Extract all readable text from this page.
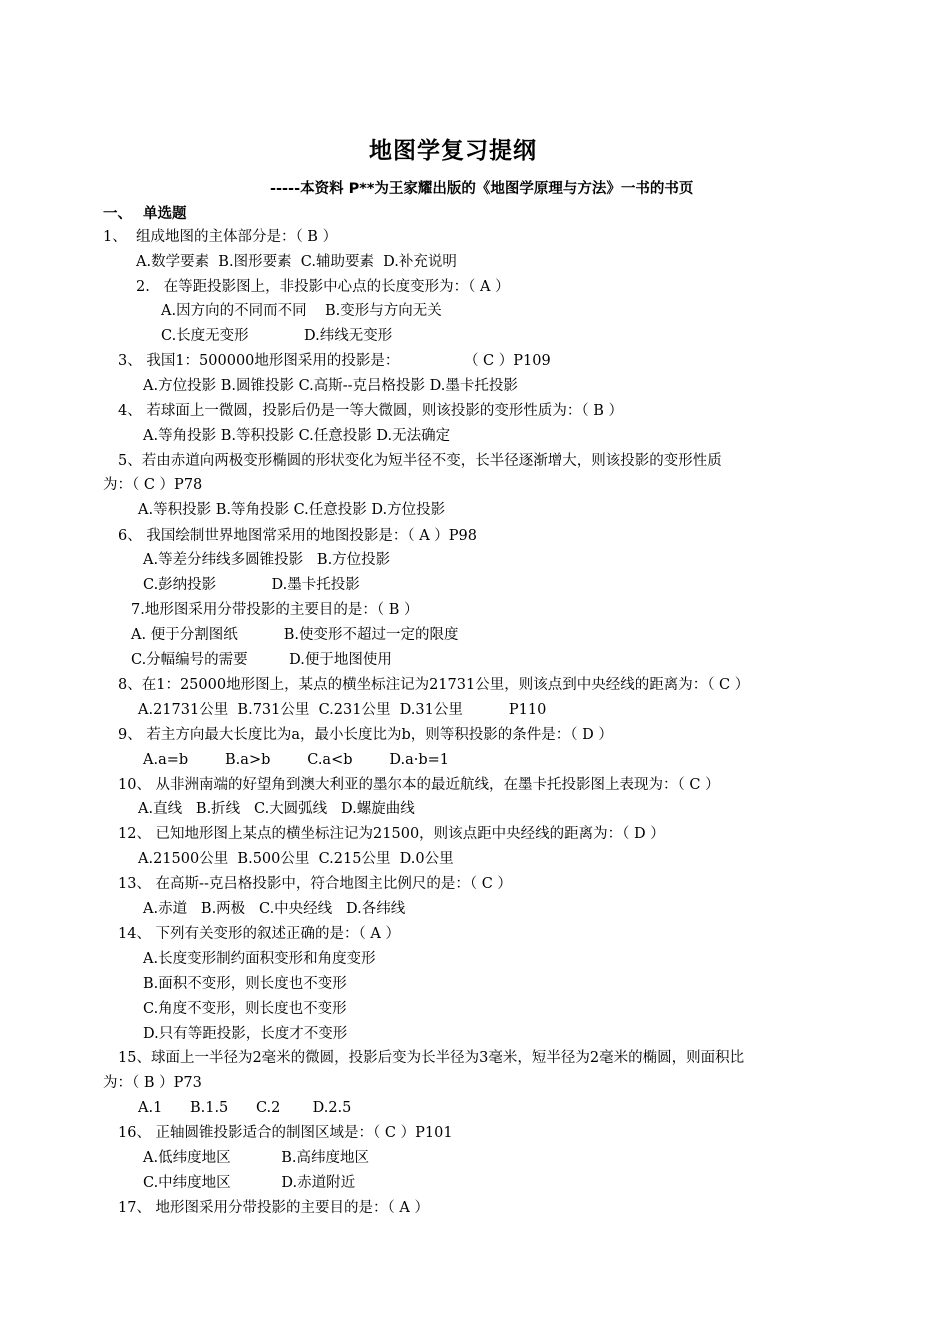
地图学复习提纲
-----本资料 P**为王家耀出版的《地图学原理与方法》一书的书页
一、 单选题
1、  组成地图的主体部分是：（ B ）
A.数学要素  B.图形要素  C.辅助要素  D.补充说明
2.   在等距投影图上，非投影中心点的长度变形为：（ A ）
A.因方向的不同而不同    B.变形与方向无关
C.长度无变形            D.纬线无变形
3、 我国1：500000地形图采用的投影是：              （ C ）P109
A.方位投影 B.圆锥投影 C.高斯--克吕格投影 D.墨卡托投影
4、 若球面上一微圆，投影后仍是一等大微圆，则该投影的变形性质为：（ B ）
A.等角投影 B.等积投影 C.任意投影 D.无法确定
5、若由赤道向两极变形椭圆的形状变化为短半径不变，长半径逐渐增大，则该投影的变形性质
为：（ C ）P78
A.等积投影 B.等角投影 C.任意投影 D.方位投影
6、 我国绘制世界地图常采用的地图投影是：（ A ）P98
A.等差分纬线多圆锥投影   B.方位投影
C.彭纳投影            D.墨卡托投影
7.地形图采用分带投影的主要目的是：（ B ）
A. 便于分割图纸          B.使变形不超过一定的限度
C.分幅编号的需要         D.便于地图使用
8、在1：25000地形图上，某点的横坐标注记为21731公里，则该点到中央经线的距离为：（ C ）
A.21731公里  B.731公里  C.231公里  D.31公里          P110
9、 若主方向最大长度比为a，最小长度比为b，则等积投影的条件是：（ D ）
A.a=b        B.a>b        C.a<b        D.a·b=1
10、 从非洲南端的好望角到澳大利亚的墨尔本的最近航线，在墨卡托投影图上表现为：（ C ）
A.直线   B.折线   C.大圆弧线   D.螺旋曲线
12、 已知地形图上某点的横坐标注记为21500，则该点距中央经线的距离为：（ D ）
A.21500公里  B.500公里  C.215公里  D.0公里
13、 在高斯--克吕格投影中，符合地图主比例尺的是：（ C ）
A.赤道   B.两极   C.中央经线   D.各纬线
14、 下列有关变形的叙述正确的是：（ A ）
A.长度变形制约面积变形和角度变形
B.面积不变形，则长度也不变形
C.角度不变形，则长度也不变形
D.只有等距投影，长度才不变形
15、球面上一半径为2毫米的微圆，投影后变为长半径为3毫米，短半径为2毫米的椭圆，则面积比
为：（ B ）P73
A.1      B.1.5      C.2       D.2.5
16、 正轴圆锥投影适合的制图区域是：（ C ）P101
A.低纬度地区           B.高纬度地区
C.中纬度地区           D.赤道附近
17、 地形图采用分带投影的主要目的是：（ A ）
